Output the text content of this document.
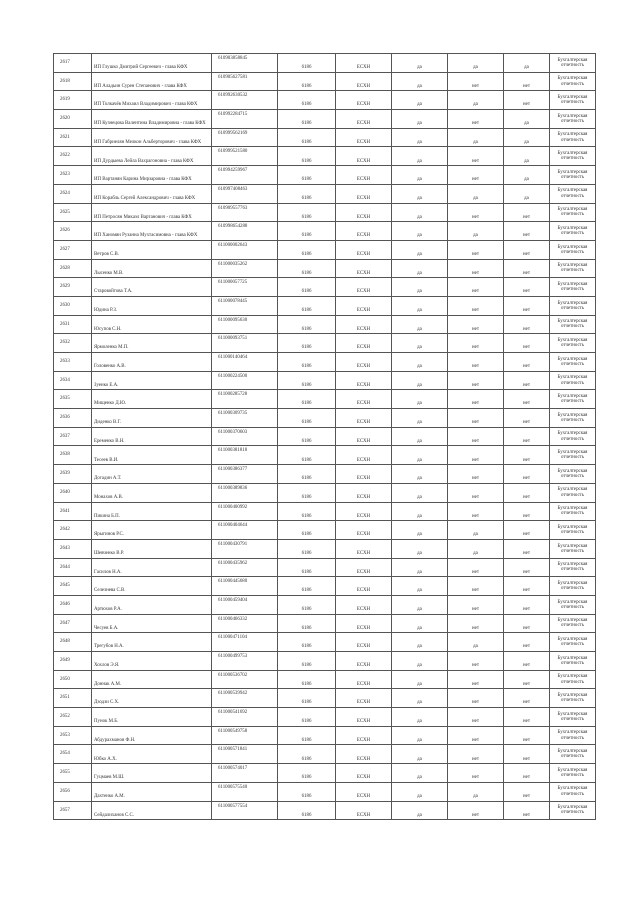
2617	ИП Глушко Дмитрий Сергеевич - глава КФХ	610903858845	6186	ЕСХН	да	да	да	Бухгалтерская отчетность
2618	ИП Аладьин Сурен Степанович - глава КФХ	610905627581	6186	ЕСХН	да	нет	нет	Бухгалтерская отчетность
2619	ИП Толкачёв Михаил Владимирович - глава КФХ	610992630532	6186	ЕСХН	да	да	нет	Бухгалтерская отчетность
2620	ИП Кузнецова Валентина Владимировна - глава КФХ	610992284715	6186	ЕСХН	да	нет	да	Бухгалтерская отчетность
2621	ИП Габриелян Мелкон Альберторович - глава КФХ	610999562169	6186	ЕСХН	да	да	да	Бухгалтерская отчетность
2622	ИП Дурдыева Лейла Вахрагоновна - глава КФХ	610999521580	6186	ЕСХН	да	нет	да	Бухгалтерская отчетность
2623	ИП Вартанян Карина Мирзаровна - глава КФХ	610994259967	6186	ЕСХН	да	нет	да	Бухгалтерская отчетность
2624	ИП Корабль Сергей Александрович - глава КФХ	610997408463	6186	ЕСХН	да	да	да	Бухгалтерская отчетность
2625	ИП Петросян Микаэл Вартанович - глава КФХ	610909557763	6186	ЕСХН	да	нет	нет	Бухгалтерская отчетность
2626	ИП Ханомян Рузанна Мухтасимовна - глава КФХ	610998654288	6186	ЕСХН	да	да	нет	Бухгалтерская отчетность
2627	Ветров С.В.	611000002643	6186	ЕСХН	да	нет	нет	Бухгалтерская отчетность
2628	Лысенко М.В.	611000035262	6186	ЕСХН	да	нет	нет	Бухгалтерская отчетность
2629	Старовойтова Т.А.	611000057725	6186	ЕСХН	да	нет	нет	Бухгалтерская отчетность
2630	Юдина Р.З.	611000078445	6186	ЕСХН	да	нет	нет	Бухгалтерская отчетность
2631	Юсупов С.Н.	611000095630	6186	ЕСХН	да	нет	нет	Бухгалтерская отчетность
2632	Ярмоленко М.П.	611000093751	6186	ЕСХН	да	нет	нет	Бухгалтерская отчетность
2633	Головенко А.В.	611000140464	6186	ЕСХН	да	нет	нет	Бухгалтерская отчетность
2634	Зуенко Е.А.	611000224500	6186	ЕСХН	да	нет	нет	Бухгалтерская отчетность
2635	Мищенко Д.Ю.	611000285728	6186	ЕСХН	да	нет	нет	Бухгалтерская отчетность
2636	Диденко В.Г.	611000309735	6186	ЕСХН	да	нет	нет	Бухгалтерская отчетность
2637	Еременко В.Н.	611000370603	6186	ЕСХН	да	нет	нет	Бухгалтерская отчетность
2638	Тесеев В.И.	611000381818	6186	ЕСХН	да	нет	нет	Бухгалтерская отчетность
2639	Догадин А.Т.	611000386377	6186	ЕСХН	да	нет	нет	Бухгалтерская отчетность
2640	Монахов А.В.	611000389836	6186	ЕСХН	да	нет	нет	Бухгалтерская отчетность
2641	Пикина Б.П.	611000400992	6186	ЕСХН	да	нет	нет	Бухгалтерская отчетность
2642	Ярыгинов Р.С.	611000404644	6186	ЕСХН	да	да	нет	Бухгалтерская отчетность
2643	Шевченко В.Р.	611000430791	6186	ЕСХН	да	да	нет	Бухгалтерская отчетность
2644	Гасилов Н.А.	611000435962	6186	ЕСХН	да	нет	нет	Бухгалтерская отчетность
2645	Селезнева С.В.	611000445680	6186	ЕСХН	да	нет	нет	Бухгалтерская отчетность
2646	Артюхов Р.А.	611000459404	6186	ЕСХН	да	нет	нет	Бухгалтерская отчетность
2647	Чесуев Б.А.	611000466332	6186	ЕСХН	да	нет	нет	Бухгалтерская отчетность
2648	Трегубов Н.А.	611000471104	6186	ЕСХН	да	да	нет	Бухгалтерская отчетность
2649	Хохлов Э.Я.	611000499753	6186	ЕСХН	да	нет	нет	Бухгалтерская отчетность
2650	Доннак А.М.	611000536702	6186	ЕСХН	да	нет	нет	Бухгалтерская отчетность
2651	Дзодзи С.Х.	611000539942	6186	ЕСХН	да	нет	нет	Бухгалтерская отчетность
2652	Пунок М.Б.	611000541692	6186	ЕСХН	да	нет	нет	Бухгалтерская отчетность
2653	Абдурахманов Ф.Н.	611000549758	6186	ЕСХН	да	нет	нет	Бухгалтерская отчетность
2654	Юбко А.Х.	611000571841	6186	ЕСХН	да	нет	нет	Бухгалтерская отчетность
2655	Гуцмаев М.Ш.	611000574017	6186	ЕСХН	да	нет	нет	Бухгалтерская отчетность
2656	Дахтенко А.М.	611000575540	6186	ЕСХН	да	да	нет	Бухгалтерская отчетность
2657	Сейдалиханов С.С.	611000577554	6186	ЕСХН	да	нет	нет	Бухгалтерская отчетность
